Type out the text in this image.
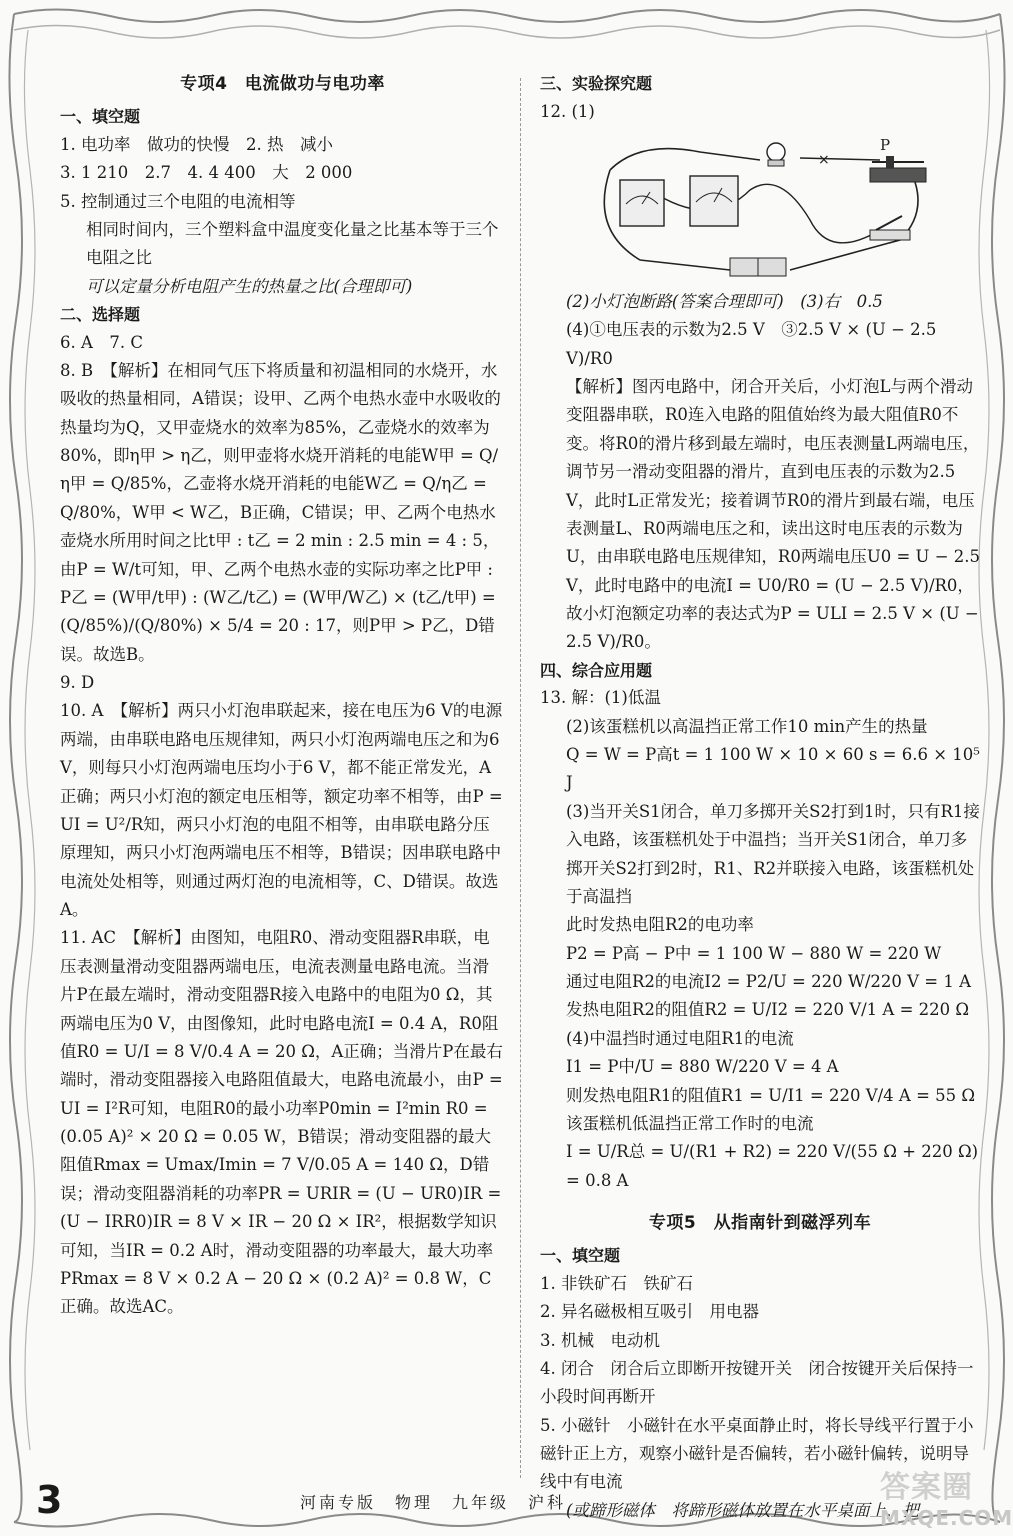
专项4　电流做功与电功率
一、填空题
1. 电功率　做功的快慢　2. 热　减小
3. 1 210　2.7　4. 4 400　大　2 000
5. 控制通过三个电阻的电流相等
相同时间内，三个塑料盒中温度变化量之比基本等于三个电阻之比
可以定量分析电阻产生的热量之比(合理即可)
二、选择题
6. A　7. C
8. B　【解析】在相同气压下将质量和初温相同的水烧开，水吸收的热量相同，A错误；设甲、乙两个电热水壶中水吸收的热量均为Q，又甲壶烧水的效率为85%，乙壶烧水的效率为80%，即η甲 > η乙，则甲壶将水烧开消耗的电能W甲 = Q/η甲 = Q/85%，乙壶将水烧开消耗的电能W乙 = Q/η乙 = Q/80%，W甲 < W乙，B正确，C错误；甲、乙两个电热水壶烧水所用时间之比t甲 : t乙 = 2 min : 2.5 min = 4 : 5，由P = W/t可知，甲、乙两个电热水壶的实际功率之比P甲 : P乙 = (W甲/t甲) : (W乙/t乙) = (W甲/W乙) × (t乙/t甲) = (Q/85%)/(Q/80%) × 5/4 = 20 : 17，则P甲 > P乙，D错误。故选B。
9. D
10. A　【解析】两只小灯泡串联起来，接在电压为6 V的电源两端，由串联电路电压规律知，两只小灯泡两端电压之和为6 V，则每只小灯泡两端电压均小于6 V，都不能正常发光，A正确；两只小灯泡的额定电压相等，额定功率不相等，由P = UI = U²/R知，两只小灯泡的电阻不相等，由串联电路分压原理知，两只小灯泡两端电压不相等，B错误；因串联电路中电流处处相等，则通过两灯泡的电流相等，C、D错误。故选A。
11. AC　【解析】由图知，电阻R0、滑动变阻器R串联，电压表测量滑动变阻器两端电压，电流表测量电路电流。当滑片P在最左端时，滑动变阻器R接入电路中的电阻为0 Ω，其两端电压为0 V，由图像知，此时电路电流I = 0.4 A，R0阻值R0 = U/I = 8 V/0.4 A = 20 Ω，A正确；当滑片P在最右端时，滑动变阻器接入电路阻值最大，电路电流最小，由P = UI = I²R可知，电阻R0的最小功率P0min = I²min R0 = (0.05 A)² × 20 Ω = 0.05 W，B错误；滑动变阻器的最大阻值Rmax = Umax/Imin = 7 V/0.05 A = 140 Ω，D错误；滑动变阻器消耗的功率PR = URIR = (U − UR0)IR = (U − IRR0)IR = 8 V × IR − 20 Ω × IR²，根据数学知识可知，当IR = 0.2 A时，滑动变阻器的功率最大，最大功率PRmax = 8 V × 0.2 A − 20 Ω × (0.2 A)² = 0.8 W，C正确。故选AC。
三、实验探究题
12. (1)
×
P
(2)小灯泡断路(答案合理即可)　(3)右　0.5
(4)①电压表的示数为2.5 V　③2.5 V × (U − 2.5 V)/R0
【解析】图丙电路中，闭合开关后，小灯泡L与两个滑动变阻器串联，R0连入电路的阻值始终为最大阻值R0不变。将R0的滑片移到最左端时，电压表测量L两端电压，调节另一滑动变阻器的滑片，直到电压表的示数为2.5 V，此时L正常发光；接着调节R0的滑片到最右端，电压表测量L、R0两端电压之和，读出这时电压表的示数为U，由串联电路电压规律知，R0两端电压U0 = U − 2.5 V，此时电路中的电流I = U0/R0 = (U − 2.5 V)/R0，故小灯泡额定功率的表达式为P = ULI = 2.5 V × (U − 2.5 V)/R0。
四、综合应用题
13. 解：(1)低温
(2)该蛋糕机以高温挡正常工作10 min产生的热量
Q = W = P高t = 1 100 W × 10 × 60 s = 6.6 × 10⁵ J
(3)当开关S1闭合，单刀多掷开关S2打到1时，只有R1接入电路，该蛋糕机处于中温挡；当开关S1闭合，单刀多掷开关S2打到2时，R1、R2并联接入电路，该蛋糕机处于高温挡
此时发热电阻R2的电功率
P2 = P高 − P中 = 1 100 W − 880 W = 220 W
通过电阻R2的电流I2 = P2/U = 220 W/220 V = 1 A
发热电阻R2的阻值R2 = U/I2 = 220 V/1 A = 220 Ω
(4)中温挡时通过电阻R1的电流
I1 = P中/U = 880 W/220 V = 4 A
则发热电阻R1的阻值R1 = U/I1 = 220 V/4 A = 55 Ω
该蛋糕机低温挡正常工作时的电流
I = U/R总 = U/(R1 + R2) = 220 V/(55 Ω + 220 Ω) = 0.8 A
专项5　从指南针到磁浮列车
一、填空题
1. 非铁矿石　铁矿石
2. 异名磁极相互吸引　用电器
3. 机械　电动机
4. 闭合　闭合后立即断开按键开关　闭合按键开关后保持一小段时间再断开
5. 小磁针　小磁针在水平桌面静止时，将长导线平行置于小磁针正上方，观察小磁针是否偏转，若小磁针偏转，说明导线中有电流
(或蹄形磁体　将蹄形磁体放置在水平桌面上，把
3	河南专版　物理　九年级　沪科	答案圈
MXQE.COM
